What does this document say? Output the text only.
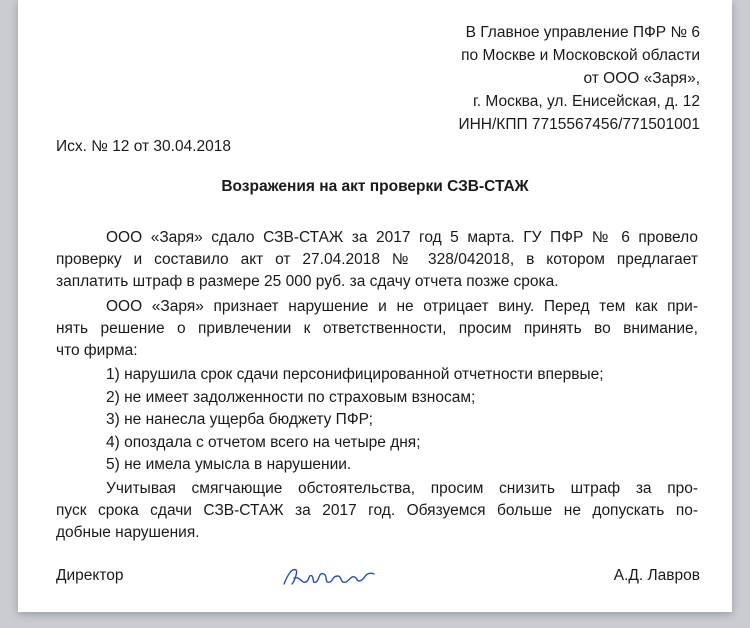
В Главное управление ПФР № 6
по Москве и Московской области
от ООО «Заря»,
г. Москва, ул. Енисейская, д. 12
ИНН/КПП 7715567456/771501001
Исх. № 12 от 30.04.2018
Возражения на акт проверки СЗВ-СТАЖ
ООО «Заря» сдало СЗВ-СТАЖ за 2017 год 5 марта. ГУ ПФР № 6 провело
проверку и составило акт от 27.04.2018 № 328/042018, в котором предлагает
заплатить штраф в размере 25 000 руб. за сдачу отчета позже срока.
ООО «Заря» признает нарушение и не отрицает вину. Перед тем как при-
нять решение о привлечении к ответственности, просим принять во внимание,
что фирма:
1) нарушила срок сдачи персонифицированной отчетности впервые;
2) не имеет задолженности по страховым взносам;
3) не нанесла ущерба бюджету ПФР;
4) опоздала с отчетом всего на четыре дня;
5) не имела умысла в нарушении.
Учитывая смягчающие обстоятельства, просим снизить штраф за про-
пуск срока сдачи СЗВ-СТАЖ за 2017 год. Обязуемся больше не допускать по-
добные нарушения.
Директор	А.Д. Лавров
